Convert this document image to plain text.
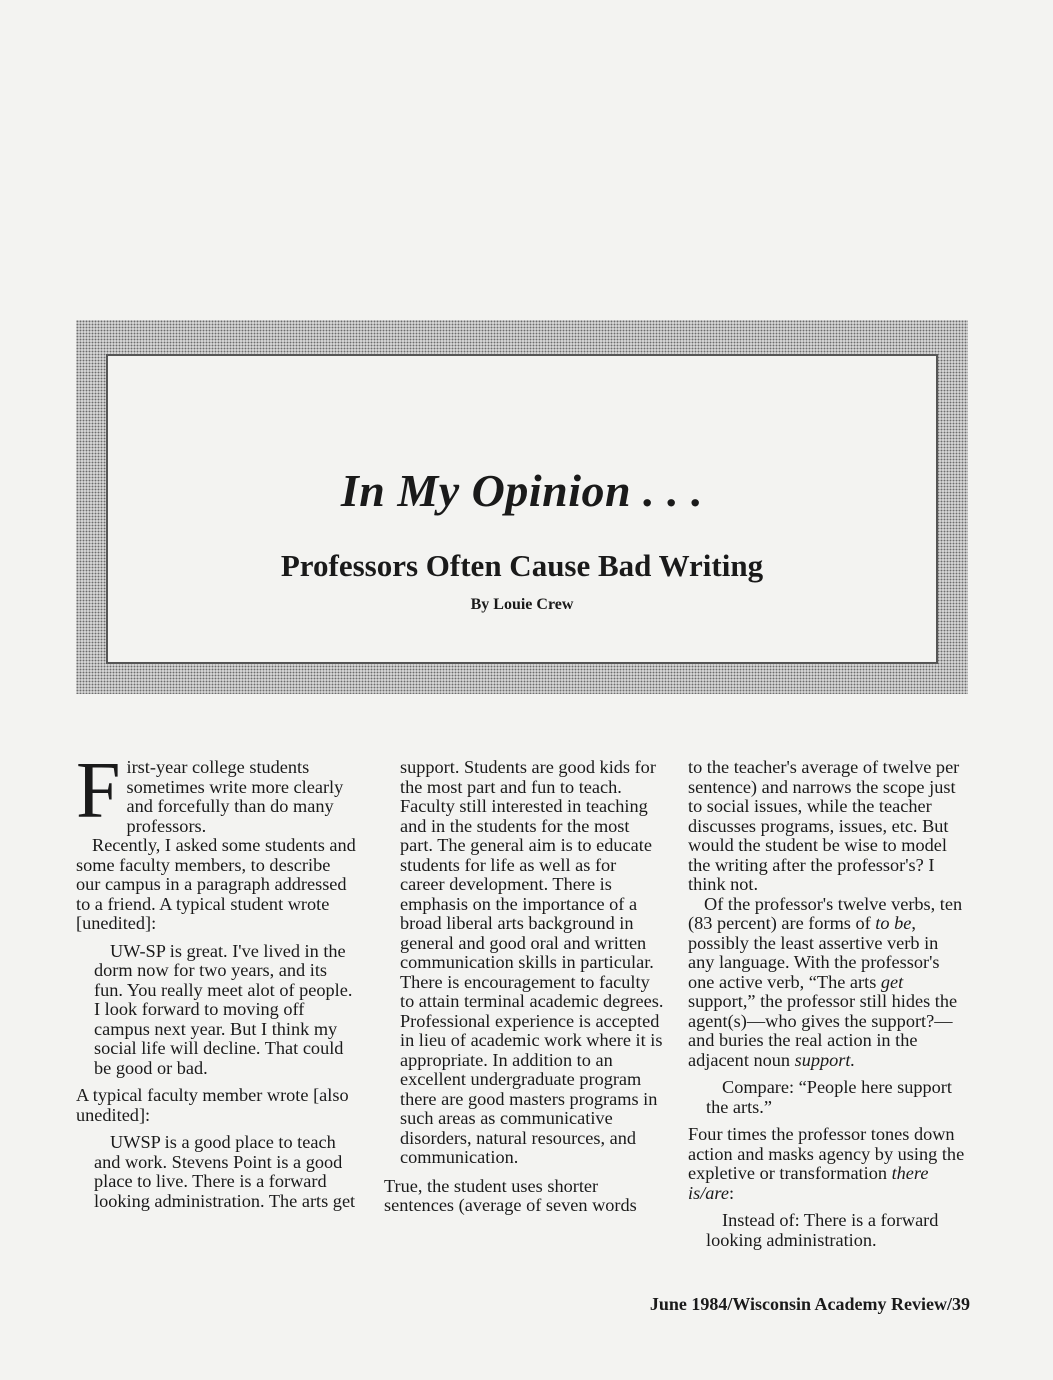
In My Opinion . . .
Professors Often Cause Bad Writing
By Louie Crew

First-year college students sometimes write more clearly and forcefully than do many professors.

Recently, I asked some students and some faculty members, to describe our campus in a paragraph addressed to a friend. A typical student wrote [unedited]:

UW-SP is great. I've lived in the dorm now for two years, and its fun. You really meet alot of people. I look forward to moving off campus next year. But I think my social life will decline. That could be good or bad.

A typical faculty member wrote [also unedited]:

UWSP is a good place to teach and work. Stevens Point is a good place to live. There is a forward looking administration. The arts get

support. Students are good kids for the most part and fun to teach. Faculty still interested in teaching and in the students for the most part. The general aim is to educate students for life as well as for career development. There is emphasis on the importance of a broad liberal arts background in general and good oral and written communication skills in particular. There is encouragement to faculty to attain terminal academic degrees. Professional experience is accepted in lieu of academic work where it is appropriate. In addition to an excellent undergraduate program there are good masters programs in such areas as communicative disorders, natural resources, and communication.

True, the student uses shorter sentences (average of seven words

to the teacher's average of twelve per sentence) and narrows the scope just to social issues, while the teacher discusses programs, issues, etc. But would the student be wise to model the writing after the professor's? I think not.

Of the professor's twelve verbs, ten (83 percent) are forms of to be, possibly the least assertive verb in any language. With the professor's one active verb, “The arts get support,” the professor still hides the agent(s)—who gives the support?—and buries the real action in the adjacent noun support.

Compare: “People here support the arts.”

Four times the professor tones down action and masks agency by using the expletive or transformation there is/are:

Instead of: There is a forward looking administration.

June 1984/Wisconsin Academy Review/39
